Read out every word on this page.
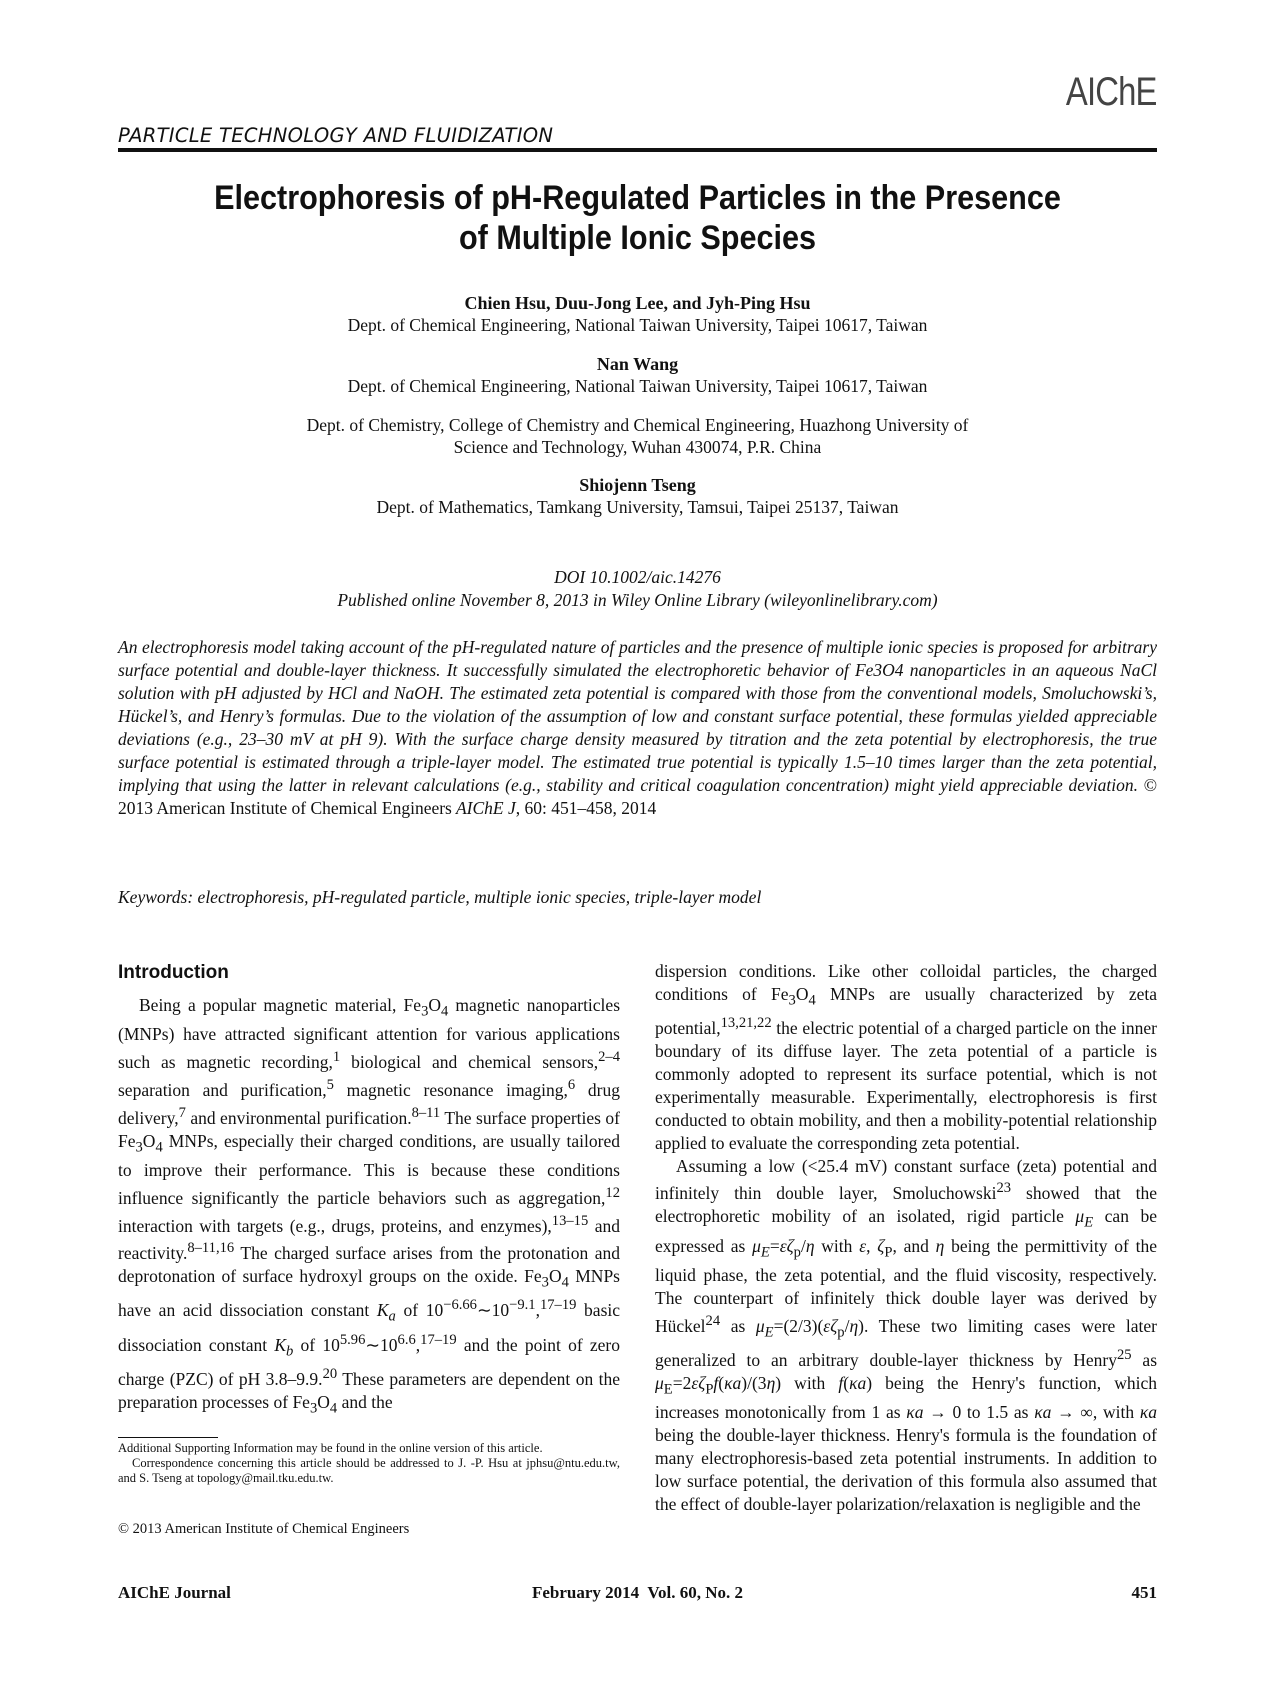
AIChE
PARTICLE TECHNOLOGY AND FLUIDIZATION
Electrophoresis of pH-Regulated Particles in the Presence
of Multiple Ionic Species
Chien Hsu, Duu-Jong Lee, and Jyh-Ping Hsu
Dept. of Chemical Engineering, National Taiwan University, Taipei 10617, Taiwan
Nan Wang
Dept. of Chemical Engineering, National Taiwan University, Taipei 10617, Taiwan
Dept. of Chemistry, College of Chemistry and Chemical Engineering, Huazhong University of
Science and Technology, Wuhan 430074, P.R. China
Shiojenn Tseng
Dept. of Mathematics, Tamkang University, Tamsui, Taipei 25137, Taiwan
DOI 10.1002/aic.14276
Published online November 8, 2013 in Wiley Online Library (wileyonlinelibrary.com)
An electrophoresis model taking account of the pH-regulated nature of particles and the presence of multiple ionic species is proposed for arbitrary surface potential and double-layer thickness. It successfully simulated the electrophoretic behavior of Fe3O4 nanoparticles in an aqueous NaCl solution with pH adjusted by HCl and NaOH. The estimated zeta potential is compared with those from the conventional models, Smoluchowski’s, Hückel’s, and Henry’s formulas. Due to the violation of the assumption of low and constant surface potential, these formulas yielded appreciable deviations (e.g., 23–30 mV at pH 9). With the surface charge density measured by titration and the zeta potential by electrophoresis, the true surface potential is estimated through a triple-layer model. The estimated true potential is typically 1.5–10 times larger than the zeta potential, implying that using the latter in relevant calculations (e.g., stability and critical coagulation concentration) might yield appreciable deviation. © 2013 American Institute of Chemical Engineers AIChE J, 60: 451–458, 2014
Keywords: electrophoresis, pH-regulated particle, multiple ionic species, triple-layer model
Introduction

Being a popular magnetic material, $Fe_3O_4$ magnetic nanoparticles (MNPs) have attracted significant attention for various applications such as magnetic recording,$^1$ biological and chemical sensors,$^{2-4}$ separation and purification,$^5$ magnetic resonance imaging,$^6$ drug delivery,$^7$ and environmental purification.$^{8-11}$ The surface properties of $Fe_3O_4$ MNPs, especially their charged conditions, are usually tailored to improve their performance. This is because these conditions influence significantly the particle behaviors such as aggregation,$^{12}$ interaction with targets (e.g., drugs, proteins, and enzymes),$^{13-15}$ and reactivity.$^{8-11,16}$ The charged surface arises from the protonation and deprotonation of surface hydroxyl groups on the oxide. $Fe_3O_4$ MNPs have an acid dissociation constant $K_a$ of $10^{-6.66}\sim 10^{-9.1},^{17-19}$ basic dissociation constant $K_b$ of $10^{5.96}\sim 10^{6.6},^{17-19}$ and the point of zero charge (PZC) of pH 3.8–9.9.20 These parameters are dependent on the preparation processes of $Fe_3O_4$ and the

dispersion conditions. Like other colloidal particles, the charged conditions of $Fe_3O_4$ MNPs are usually characterized by zeta potential,$^{13,21,22}$ the electric potential of a charged particle on the inner boundary of its diffuse layer. The zeta potential of a particle is commonly adopted to represent its surface potential, which is not experimentally measurable. Experimentally, electrophoresis is first conducted to obtain mobility, and then a mobility-potential relationship applied to evaluate the corresponding zeta potential.

Assuming a low (<25.4 mV) constant surface (zeta) potential and infinitely thin double layer, Smoluchowski$^{23}$ showed that the electrophoretic mobility of an isolated, rigid particle $\mu_E$ can be expressed as $\mu_E=\varepsilon\zeta_p/\eta$ with ε, $\zeta_P$, and η being the permittivity of the liquid phase, the zeta potential, and the fluid viscosity, respectively. The counterpart of infinitely thick double layer was derived by Hückel$^{24}$ as $\mu_E=(2/3)(\varepsilon\zeta_p/\eta)$. These two limiting cases were later generalized to an arbitrary double-layer thickness by Henry$^{25}$ as $\mu_E=2\varepsilon\zeta_Pf(\kappa a)/(3\eta)$ with f(κa) being the Henry's function, which increases monotonically from 1 as κa → 0 to 1.5 as κa → ∞, with κa being the double-layer thickness. Henry's formula is the foundation of many electrophoresis-based zeta potential instruments. In addition to low surface potential, the derivation of this formula also assumed that the effect of double-layer polarization/relaxation is negligible and the

Additional Supporting Information may be found in the online version of this article.

Correspondence concerning this article should be addressed to J. -P. Hsu at jphsu@ntu.edu.tw, and S. Tseng at topology@mail.tku.edu.tw.

© 2013 American Institute of Chemical Engineers
AIChE Journal	February 2014  Vol. 60, No. 2	451
